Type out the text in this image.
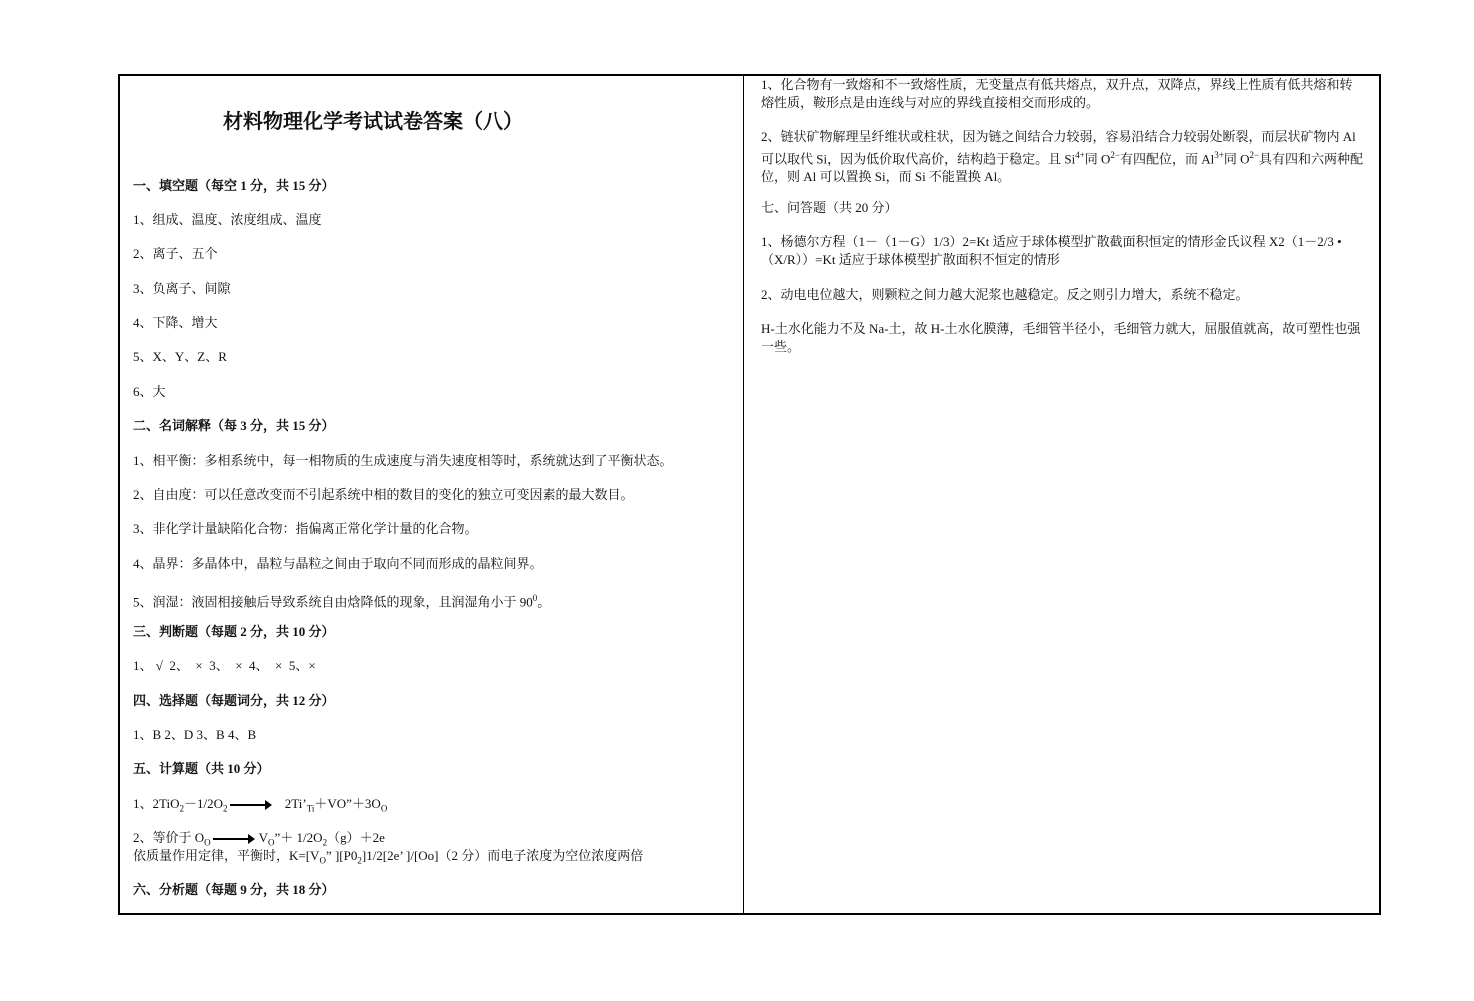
材料物理化学考试试卷答案（八）
一、填空题（每空 1 分，共 15 分）
1、组成、温度、浓度组成、温度
2、离子、五个
3、负离子、间隙
4、下降、增大
5、X、Y、Z、R
6、大
二、名词解释（每 3 分，共 15 分）
1、相平衡：多相系统中，每一相物质的生成速度与消失速度相等时，系统就达到了平衡状态。
2、自由度：可以任意改变而不引起系统中相的数目的变化的独立可变因素的最大数目。
3、非化学计量缺陷化合物：指偏离正常化学计量的化合物。
4、晶界：多晶体中，晶粒与晶粒之间由于取向不同而形成的晶粒间界。
5、润湿：液固相接触后导致系统自由焓降低的现象，且润湿角小于 $90^0$。
三、判断题（每题 2 分，共 10 分）
1、 √  2、  ×  3、  ×  4、  ×  5、×
四、选择题（每题词分，共 12 分）
1、B 2、D 3、B 4、B
五、计算题（共 10 分）
1、$2TiO_2-1/2O_2$ → $2Ti’_{Ti}+VO”+3O_O$
2、等价于 $O_O$ → $V_O”+ 1/2O_2(g)+2e$
依质量作用定律，平衡时，$K=[V_O$” ]$[P0_2]1/2[2e$’ ]/[Oo]（2 分）而电子浓度为空位浓度两倍
六、分析题（每题 9 分，共 18 分）
1、化合物有一致熔和不一致熔性质，无变量点有低共熔点，双升点，双降点，界线上性质有低共熔和转熔性质，鞍形点是由连线与对应的界线直接相交而形成的。
2、链状矿物解理呈纤维状或柱状，因为链之间结合力较弱，容易沿结合力较弱处断裂，而层状矿物内 Al 可以取代 Si，因为低价取代高价，结构趋于稳定。且 $Si^{4+}$同 $O^{2-}$有四配位，而 $Al^{3+}$同 $O^{2-}$具有四和六两种配位，则 Al 可以置换 Si，而 Si 不能置换 Al。
七、问答题（共 20 分）
1、杨德尔方程（1－（1－G）1/3）2=Kt 适应于球体模型扩散截面积恒定的情形金氏议程 X2（1－2/3 •（X/R））=Kt 适应于球体模型扩散面积不恒定的情形
2、动电电位越大，则颗粒之间力越大泥浆也越稳定。反之则引力增大，系统不稳定。
H-土水化能力不及 Na-土，故 H-土水化膜薄，毛细管半径小，毛细管力就大，屈服值就高，故可塑性也强一些。
